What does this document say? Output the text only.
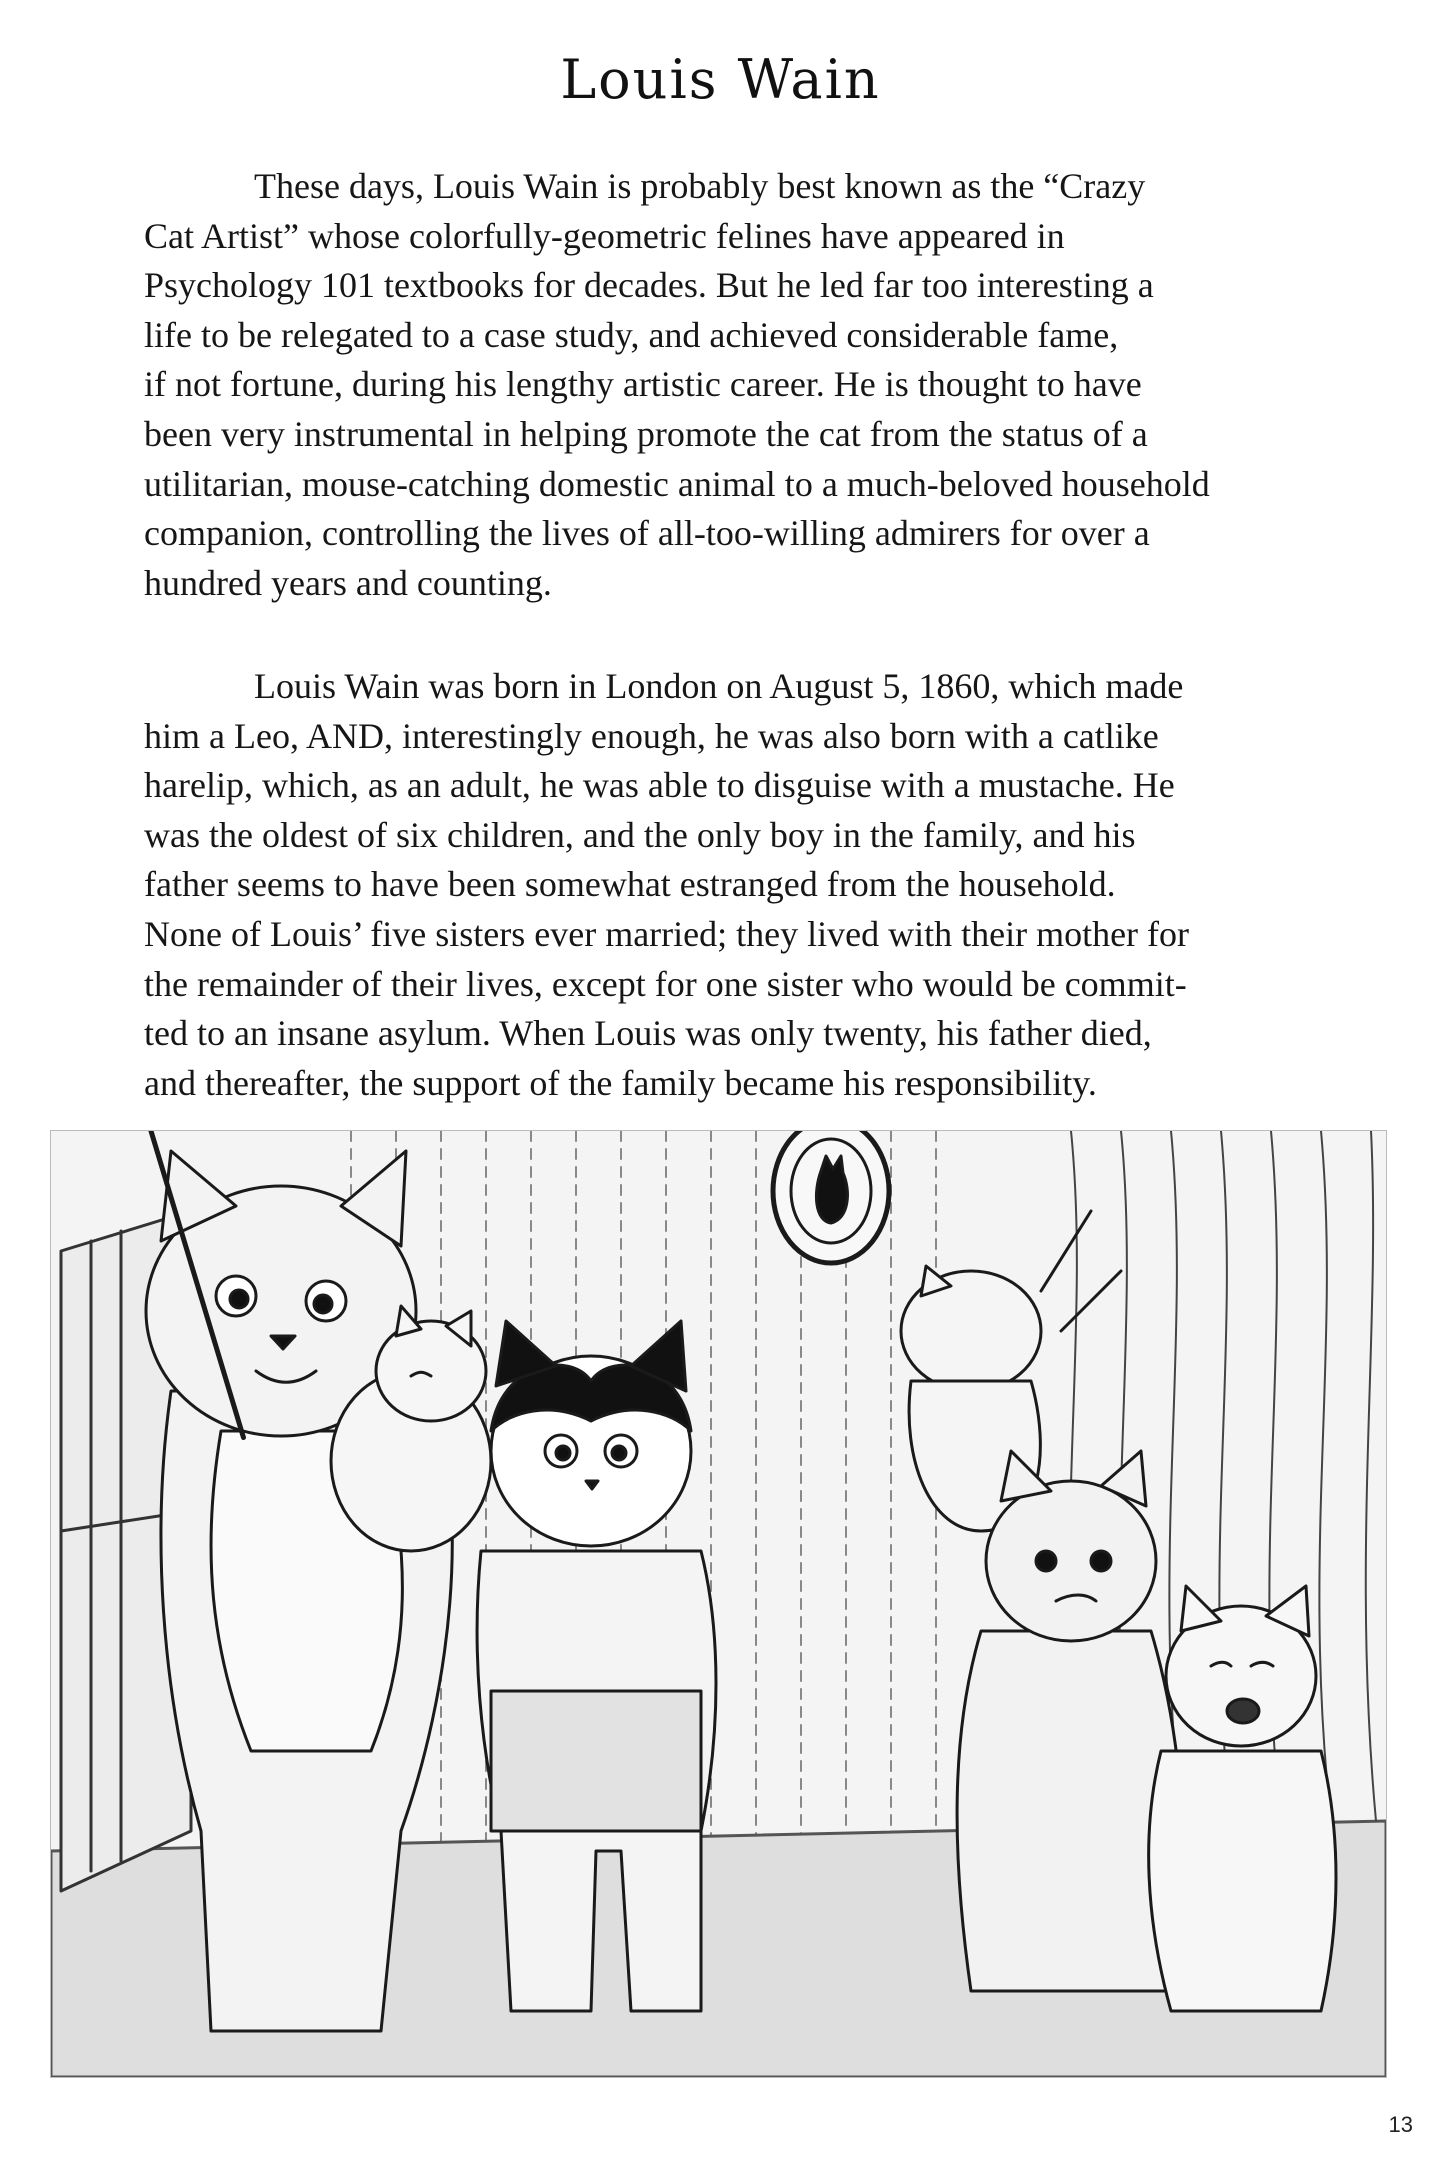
Louis Wain

These days, Louis Wain is probably best known as the “Crazy
Cat Artist” whose colorfully-geometric felines have appeared in
Psychology 101 textbooks for decades. But he led far too interesting a
life to be relegated to a case study, and achieved considerable fame,
if not fortune, during his lengthy artistic career. He is thought to have
been very instrumental in helping promote the cat from the status of a
utilitarian, mouse-catching domestic animal to a much-beloved household
companion, controlling the lives of all-too-willing admirers for over a
hundred years and counting.

Louis Wain was born in London on August 5, 1860, which made
him a Leo, AND, interestingly enough, he was also born with a catlike
harelip, which, as an adult, he was able to disguise with a mustache. He
was the oldest of six children, and the only boy in the family, and his
father seems to have been somewhat estranged from the household.
None of Louis’ five sisters ever married; they lived with their mother for
the remainder of their lives, except for one sister who would be commit-
ted to an insane asylum. When Louis was only twenty, his father died,
and thereafter, the support of the family became his responsibility.

13
